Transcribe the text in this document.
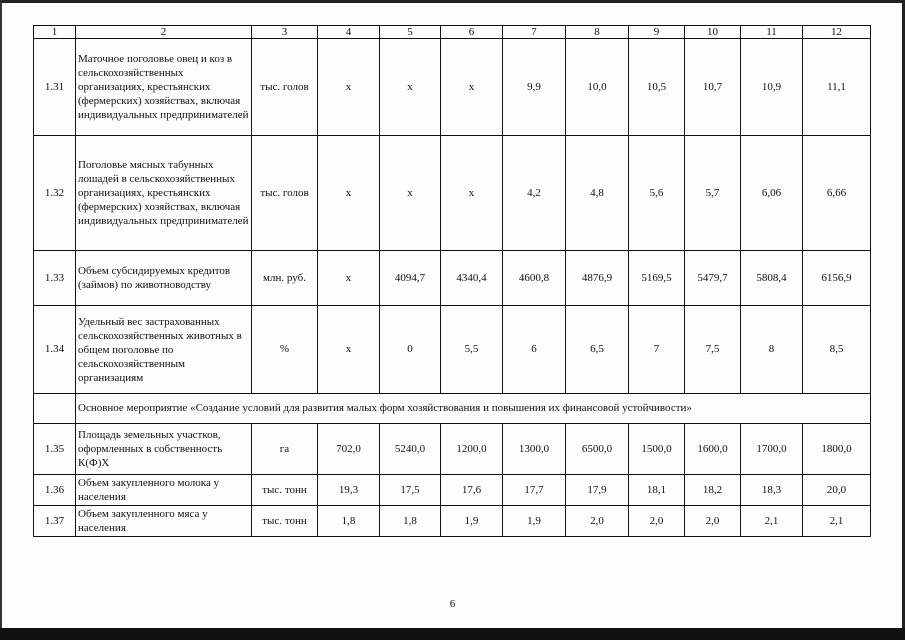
1	2	3	4	5	6	7	8	9	10	11	12
1.31	Маточное поголовье овец и коз в сельскохозяйственных организациях, крестьянских (фермерских) хозяйствах, включая индивидуальных предпринимателей	тыс. голов	х	х	х	9,9	10,0	10,5	10,7	10,9	11,1
1.32	Поголовье мясных табунных лошадей в сельскохозяйственных организациях, крестьянских (фермерских) хозяйствах, включая индивидуальных предпринимателей	тыс. голов	х	х	х	4,2	4,8	5,6	5,7	6,06	6,66
1.33	Объем субсидируемых кредитов (займов) по животноводству	млн. руб.	х	4094,7	4340,4	4600,8	4876,9	5169,5	5479,7	5808,4	6156,9
1.34	Удельный вес застрахованных сельскохозяйственных животных в общем поголовье по сельскохозяйственным организациям	%	х	0	5,5	6	6,5	7	7,5	8	8,5
	Основное мероприятие «Создание условий для развития малых форм хозяйствования и повышения их финансовой устойчивости»										
1.35	Площадь земельных участков, оформленных в собственность К(Ф)Х	га	702,0	5240,0	1200,0	1300,0	6500,0	1500,0	1600,0	1700,0	1800,0
1.36	Объем закупленного молока у населения	тыс. тонн	19,3	17,5	17,6	17,7	17,9	18,1	18,2	18,3	20,0
1.37	Объем закупленного мяса у населения	тыс. тонн	1,8	1,8	1,9	1,9	2,0	2,0	2,0	2,1	2,1
6
